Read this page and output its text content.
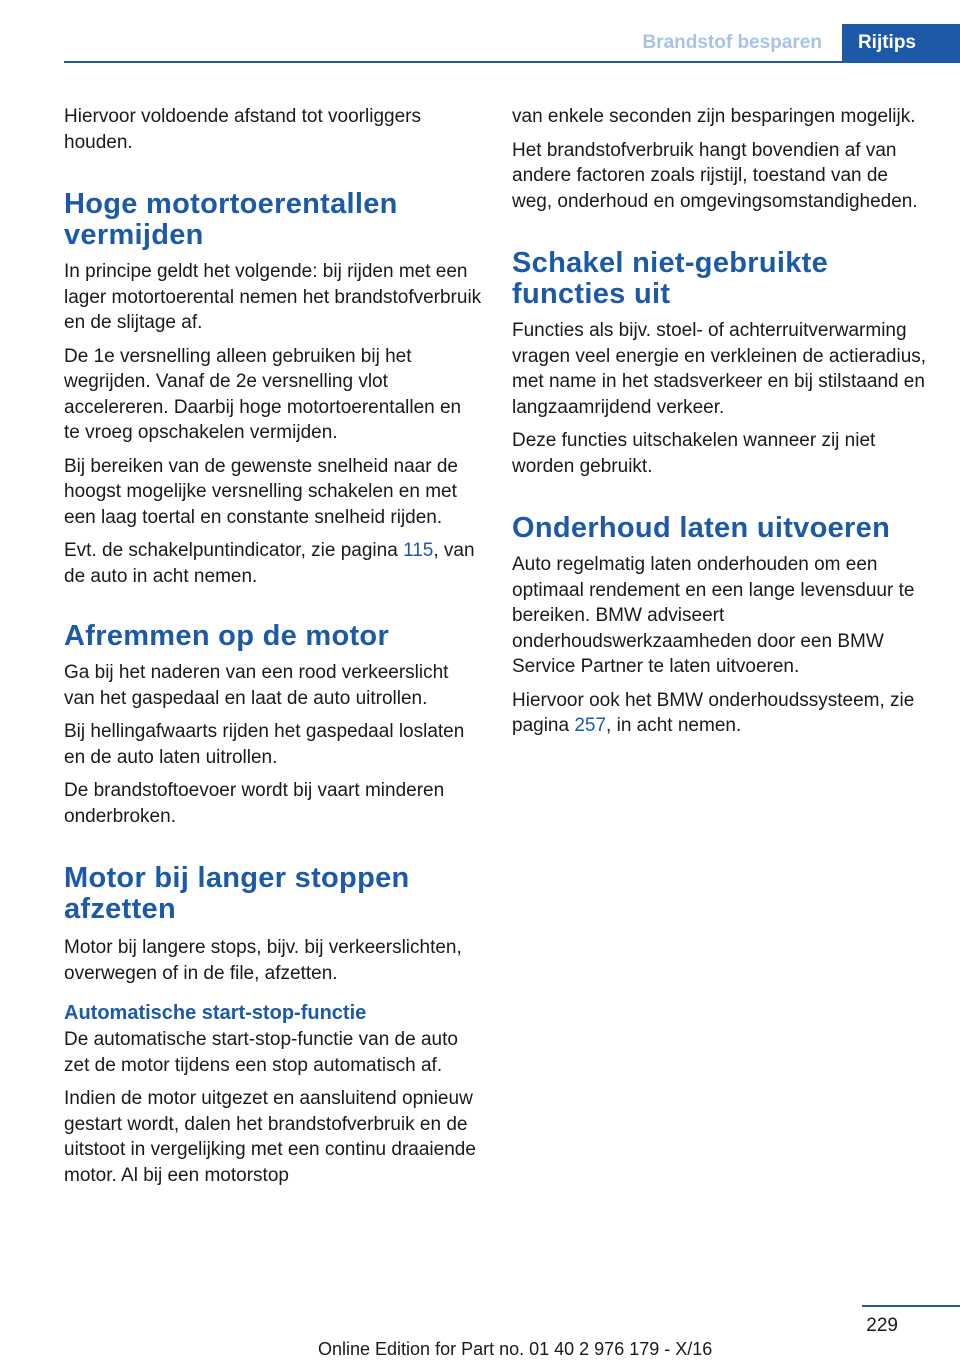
Brandstof besparen	Rijtips

Hiervoor voldoende afstand tot voorliggers houden.

Hoge motortoerentallen vermijden

In principe geldt het volgende: bij rijden met een lager motortoerental nemen het brandstofverbruik en de slijtage af.

De 1e versnelling alleen gebruiken bij het wegrijden. Vanaf de 2e versnelling vlot accelereren. Daarbij hoge motortoerentallen en te vroeg opschakelen vermijden.

Bij bereiken van de gewenste snelheid naar de hoogst mogelijke versnelling schakelen en met een laag toertal en constante snelheid rijden.

Evt. de schakelpuntindicator, zie pagina 115, van de auto in acht nemen.

Afremmen op de motor

Ga bij het naderen van een rood verkeerslicht van het gaspedaal en laat de auto uitrollen.

Bij hellingafwaarts rijden het gaspedaal loslaten en de auto laten uitrollen.

De brandstoftoevoer wordt bij vaart minderen onderbroken.

Motor bij langer stoppen afzetten

Motor bij langere stops, bijv. bij verkeerslichten, overwegen of in de file, afzetten.

Automatische start-stop-functie

De automatische start-stop-functie van de auto zet de motor tijdens een stop automatisch af.

Indien de motor uitgezet en aansluitend opnieuw gestart wordt, dalen het brandstofverbruik en de uitstoot in vergelijking met een continu draaiende motor. Al bij een motorstop

van enkele seconden zijn besparingen mogelijk.

Het brandstofverbruik hangt bovendien af van andere factoren zoals rijstijl, toestand van de weg, onderhoud en omgevingsomstandigheden.

Schakel niet-gebruikte functies uit

Functies als bijv. stoel- of achterruitverwarming vragen veel energie en verkleinen de actieradius, met name in het stadsverkeer en bij stilstaand en langzaamrijdend verkeer.

Deze functies uitschakelen wanneer zij niet worden gebruikt.

Onderhoud laten uitvoeren

Auto regelmatig laten onderhouden om een optimaal rendement en een lange levensduur te bereiken. BMW adviseert onderhoudswerkzaamheden door een BMW Service Partner te laten uitvoeren.

Hiervoor ook het BMW onderhoudssysteem, zie pagina 257, in acht nemen.

229
Online Edition for Part no. 01 40 2 976 179 - X/16
